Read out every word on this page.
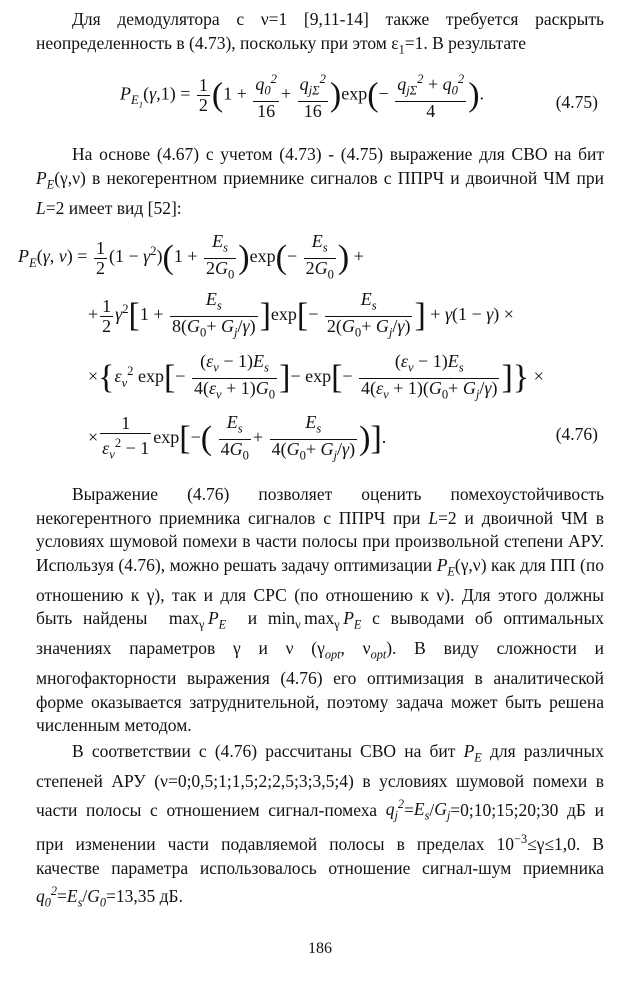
Для демодулятора с ν=1 [9,11-14] также требуется раскрыть неопределенность в (4.73), поскольку при этом $\varepsilon_1=1$. В результате

$P_{E_1}(\gamma,1) = \frac{1}{2} (1 + \frac{q_0^2}{16} + \frac{q_{j\Sigma}^2}{16} )\exp(- \frac{q_{j\Sigma}^2 + q_0^2}{4}$ ).	(4.75)

На основе (4.67) с учетом (4.73) - (4.75) выражение для СВО на бит $P_E(\gamma,\nu)$ в некогерентном приемнике сигналов с ППРЧ и двоичной ЧМ при L=2 имеет вид [52]:

$P_E(\gamma$, $\nu) = \frac{1}{2} (1 - \gamma^2)(1 + \frac{E_s}{2G_0} )\exp(- \frac{E_s}{2G_0}$ ) +
+ $\frac{1}{2} \gamma^2[1 + \frac{E_s}{8(G_0+ G_j/\gamma)} ]\exp[- \frac{E_s}{2(G_0+ G_j/\gamma)}$ ] + γ(1 − γ) ×
$\times\{\varepsilon_\nu^2$ $\exp[- \frac{(\varepsilon_\nu - 1)E_s}{4(\varepsilon_\nu + 1)G_0}$ ]− $\exp[- \frac{(\varepsilon_\nu - 1)E_s}{4(\varepsilon_\nu + 1)(G_0+ G_j/\gamma)}$ ]} ×
× $\frac{1}{\varepsilon_\nu^2 - 1} \exp[-( \frac{E_s}{4G_0} + \frac{E_s}{4(G_0+ G_j/\gamma)}$ )].	(4.76)

Выражение (4.76) позволяет оценить помехоустойчивость некогерентного приемника сигналов с ППРЧ при L=2 и двоичной ЧМ в условиях шумовой помехи в части полосы при произвольной степени АРУ. Используя (4.76), можно решать задачу оптимизации $P_E(\gamma,\nu)$ как для ПП (по отношению к γ), так и для СРС (по отношению к ν). Для этого должны быть найдены  $\max_\gamma P_E$  и $\min_\nu \max_\gamma P_E$ с выводами об оптимальных значениях параметров γ и ν ($\gamma_{opt}$, $\nu_{opt}$). В виду сложности и многофакторности выражения (4.76) его оптимизация в аналитической форме оказывается затруднительной, поэтому задача может быть решена численным методом.

В соответствии с (4.76) рассчитаны СВО на бит $P_E$ для различных степеней АРУ (ν=0;0,5;1;1,5;2;2,5;3;3,5;4) в условиях шумовой помехи в части полосы с отношением сигнал-помеха $q_j^2=E_s/G_j=0;10;15;20;30$ дБ и при изменении части подавляемой полосы в пределах $10^{-3}\le\gamma\le 1,0$. В качестве параметра использовалось отношение сигнал-шум приемника $q_0^2=E_s/G_0=13,35$ дБ.

186
